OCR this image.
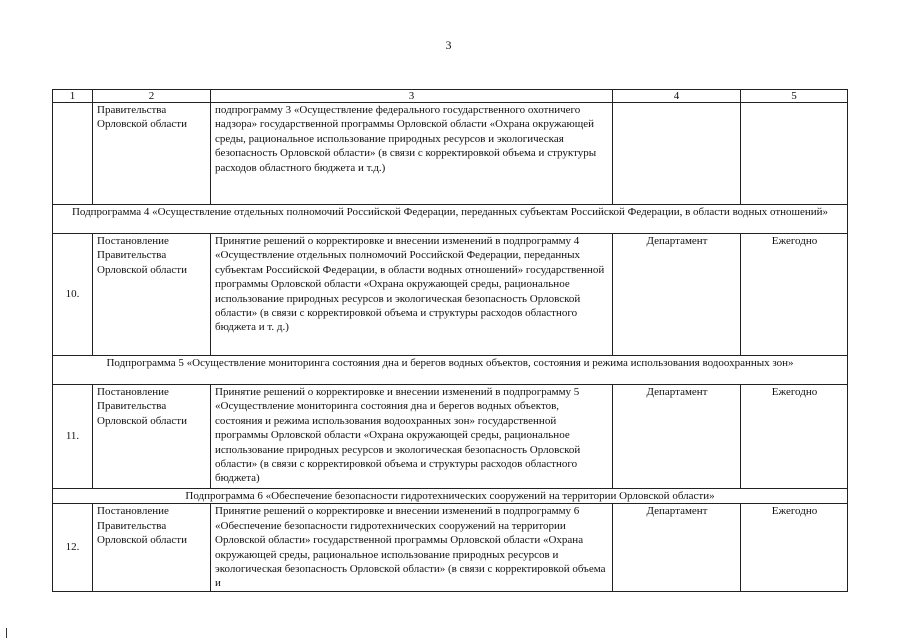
3
1	2	3	4	5
	Правительства Орловской области	подпрограмму 3 «Осуществление федерального государственного охотничего надзора» государственной программы Орловской области «Охрана окружающей среды, рациональное использование природных ресурсов и экологическая безопасность Орловской области» (в связи с корректировкой объема и структуры расходов областного бюджета и т.д.)		
Подпрограмма 4 «Осуществление отдельных полномочий Российской Федерации, переданных субъектам Российской Федерации, в области водных отношений»				
10.	Постановление Правительства Орловской области	Принятие решений о корректировке и внесении изменений в подпрограмму 4 «Осуществление отдельных полномочий Российской Федерации, переданных субъектам Российской Федерации, в области водных отношений» государственной программы Орловской области «Охрана окружающей среды, рациональное использование природных ресурсов и экологическая безопасность Орловской области» (в связи с корректировкой объема и структуры расходов областного бюджета и т. д.)	Департамент	Ежегодно
Подпрограмма 5 «Осуществление мониторинга состояния дна и берегов водных объектов, состояния и режима использования водоохранных зон»				
11.	Постановление Правительства Орловской области	Принятие решений о корректировке и внесении изменений в подпрограмму 5 «Осуществление мониторинга состояния дна и берегов водных объектов, состояния и режима использования водоохранных зон» государственной программы Орловской области «Охрана окружающей среды, рациональное использование природных ресурсов и экологическая безопасность Орловской области» (в связи с корректировкой объема и структуры расходов областного бюджета)	Департамент	Ежегодно
Подпрограмма 6 «Обеспечение безопасности гидротехнических сооружений на территории Орловской области»				
12.	Постановление Правительства Орловской области	Принятие решений о корректировке и внесении изменений в подпрограмму 6 «Обеспечение безопасности гидротехнических сооружений на территории Орловской области» государственной программы Орловской области «Охрана окружающей среды, рациональное использование природных ресурсов и экологическая безопасность Орловской области» (в связи с корректировкой объема и	Департамент	Ежегодно
